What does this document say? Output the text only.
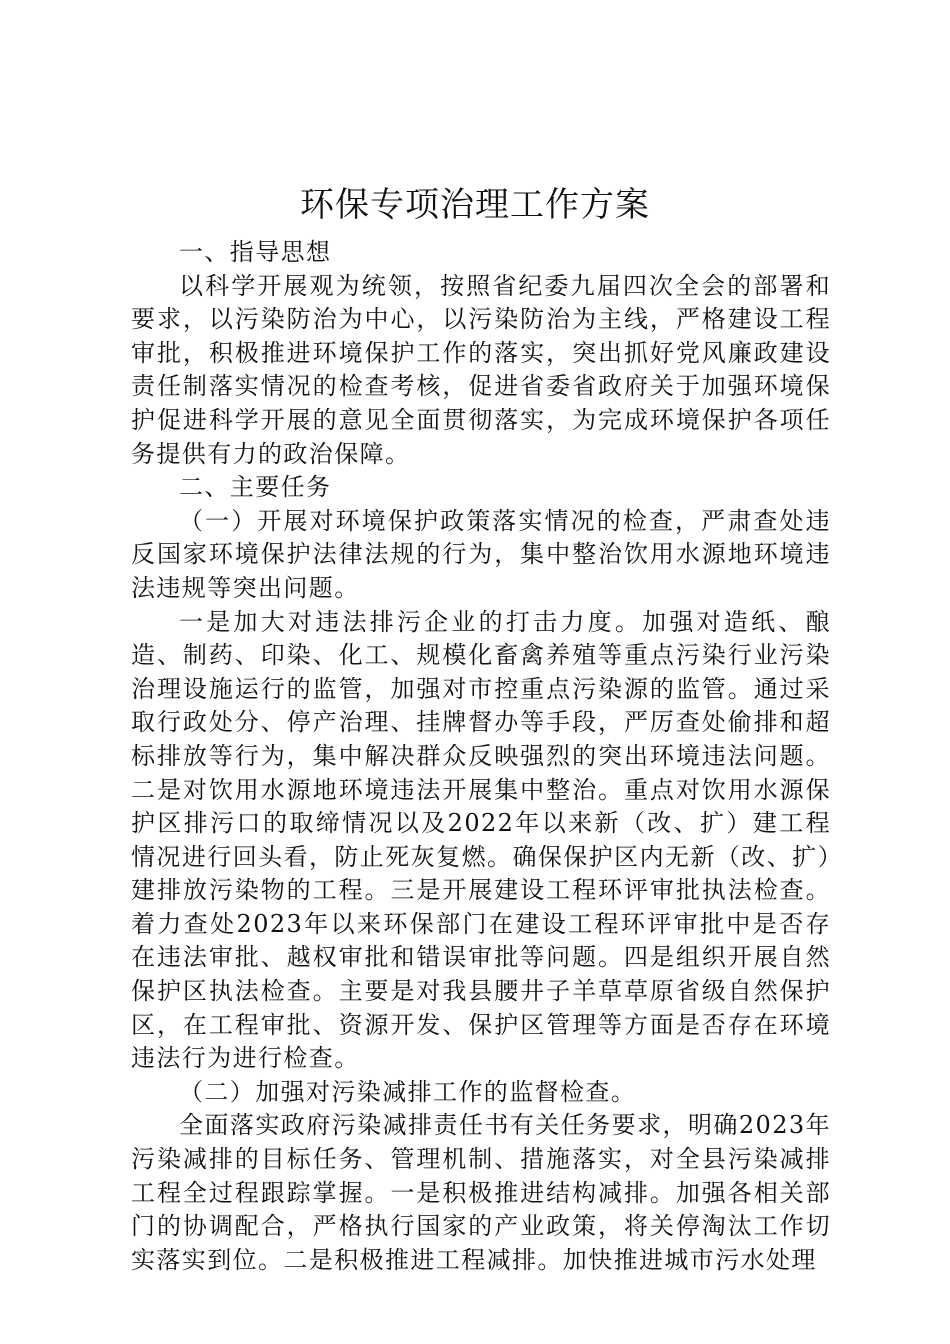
环保专项治理工作方案

一、指导思想

以科学开展观为统领，按照省纪委九届四次全会的部署和要求，以污染防治为中心，以污染防治为主线，严格建设工程审批，积极推进环境保护工作的落实，突出抓好党风廉政建设责任制落实情况的检查考核，促进省委省政府关于加强环境保护促进科学开展的意见全面贯彻落实，为完成环境保护各项任务提供有力的政治保障。

二、主要任务

（一）开展对环境保护政策落实情况的检查，严肃查处违反国家环境保护法律法规的行为，集中整治饮用水源地环境违法违规等突出问题。

一是加大对违法排污企业的打击力度。加强对造纸、酿造、制药、印染、化工、规模化畜禽养殖等重点污染行业污染治理设施运行的监管，加强对市控重点污染源的监管。通过采取行政处分、停产治理、挂牌督办等手段，严厉查处偷排和超标排放等行为，集中解决群众反映强烈的突出环境违法问题。二是对饮用水源地环境违法开展集中整治。重点对饮用水源保护区排污口的取缔情况以及2022年以来新（改、扩）建工程情况进行回头看，防止死灰复燃。确保保护区内无新（改、扩）建排放污染物的工程。三是开展建设工程环评审批执法检查。着力查处2023年以来环保部门在建设工程环评审批中是否存在违法审批、越权审批和错误审批等问题。四是组织开展自然保护区执法检查。主要是对我县腰井子羊草草原省级自然保护区，在工程审批、资源开发、保护区管理等方面是否存在环境违法行为进行检查。

（二）加强对污染减排工作的监督检查。

全面落实政府污染减排责任书有关任务要求，明确2023年污染减排的目标任务、管理机制、措施落实，对全县污染减排工程全过程跟踪掌握。一是积极推进结构减排。加强各相关部门的协调配合，严格执行国家的产业政策，将关停淘汰工作切实落实到位。二是积极推进工程减排。加快推进城市污水处理
